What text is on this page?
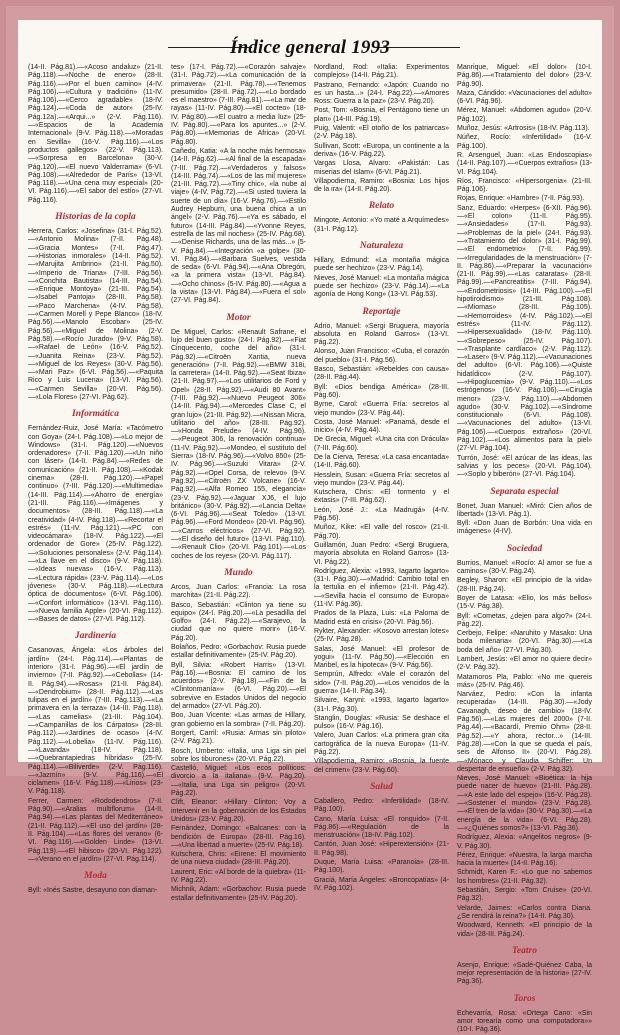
Índice general 1993
(14-II. Pág.81).—«Acoso andaluz» (21-II. Pág.118).—«Noche de enero» (28-II. Pág.116).—«Por el buen camino» (4-IV. Pág.106).—«Cultura y tradición» (11-IV. Pág.106).—«Cerco agradable» (18-IV. Pág.124).—«Coda de autor» (25-IV. Pág.12a).—«Arqui...» (2-V. Pág.116).—«Espacios de la Academia Internacional» (9-V. Pág.118).—«Moradas en Sevilla» (16-V. Pág.116).—«Los productos gallegos» (22-V. Pág.113).—«Sorpresa en Barcelona» (30-V. Pág.120).—«El nuevo Valderrama» (6-VI. Pág.108).—«Alrededor de París» (13-VI. Pág.118).—«Una cena muy especial» (20-VI. Pág.116).—«El sabor del estío» (27-VI. Pág.116).
Historias de la copla
Herrera, Carlos: «Josefina» (31-I. Pág.52).—«Antonio Molina» (7-II. Pág.48).—«Gracia Montes» (7-II. Pág.47).—«Historias inmorales» (14-II. Pág.52).—«Marujita Ambrino» (21-II. Pág.50).—«Imperio de Triana» (7-III. Pág.56).—«Conchita Bautista» (14-III. Pág.54).—«Enrique Montoya» (21-III. Pág.54).—«Isabel Pantoja» (28-III. Pág.58).—«Paco Marchena» (4-IV. Pág.58).—«Carmen Morell y Pepe Blanco» (18-IV. Pág.56).—«Manolo Escobar» (25-IV. Pág.56).—«Miguel de Molina» (2-V. Pág.58).—«Rocío Jurado» (9-V. Pág.58).—«Rafael de León» (16-V. Pág.52).—«Juanita Reina» (23-V. Pág.52).—«Miguel de los Reyes» (30-V. Pág.56).—«Mari Paz» (6-VI. Pág.56).—«Paquita Rico y Luis Lucena» (13-VI. Pág.56).—«Carmen Sevilla» (20-VI. Pág.56).—«Lola Flores» (27-VI. Pág.62).
Informática
Fernández-Ruiz, José María: «Tacómetro con Goya» (24-I. Pág.108).—«Lo mejor de Windows» (31-I. Pág.120).—«Nuevos ordenadores» (7-II. Pág.120).—«Un niño con láser» (14-II. Pág.84).—«Redes de comunicación» (21-II. Pág.108).—«Kodak cinema» (28-II. Pág.120).—«Papel continuo» (7-III. Pág.120).—«Multimedia» (14-III. Pág.114).—«Ahorro de energía» (21-III. Pág.116).—«Imágenes y documentos» (28-III. Pág.118).—«La creatividad» (4-IV. Pág.118).—«Recortar el estrés» (11-IV. Pág.121).—«PC con videocámara» (18-IV. Pág.122).—«El ordenador de Gore» (25-IV. Pág.122).—«Soluciones personales» (2-V. Pág.114).—«La llave en el disco» (9-V. Pág.118).—«Ideas nuevas» (16-V. Pág.113).—«Lectura rápida» (23-V. Pág.114).—«Los jóvenes» (30-V. Pág.118).—«Lectura óptica de documentos» (6-VI. Pág.106).—«Confort informático» (13-VI. Pág.116).—«Nueva familia Apple» (20-VI. Pág.112).—«Bases de datos» (27-VI. Pág.112).
Jardinería
Casanovas, Ángela: «Los árboles del jardín» (24-I. Pág.114).—«Plantas de interior» (31-I. Pág.96).—«El jardín de invierno» (7-II. Pág.92).—«Cebollas» (14-II. Pág.94).—«Rosas» (21-II. Pág.84).—«Dendrobium» (28-II. Pág.112).—«Las tulipas en el jardín» (7-III. Pág.113).—«La primavera en la terraza» (14-III. Pág.118).—«Las camelias» (21-III. Pág.104).—«Campanillas de los Cárpatos» (28-III. Pág.112).—«Jardines de ocaso» (4-IV. Pág.112).—«Lobelia» (11-IV. Pág.116).—«Lavanda» (18-IV. Pág.118).—«Quebrantapiedras híbridas» (25-IV. Pág.114).—«Biliverde» (2-V. Pág.116).—«Jazmín» (9-V. Pág.116).—«El ciclamen» (16-V. Pág.118).—«Lirios» (23-V. Pág.118).
Ferrer, Carmen: «Rododendros» (7-II. Pág.90).—«Aralias multiflorum» (14-II. Pág.94).—«Las plantas del Mediterráneo» (21-II. Pág.112).—«El uso del jardín» (28-II. Pág.104).—«Las flores del verano» (6-VI. Pág.116).—«Golden Linde» (13-VI. Pág.119).—«El hibisco» (20-VI. Pág.122).—«Verano en el jardín» (27-VI. Pág.114).
Moda
Byll: «Inés Sastre, desayuno con diaman-
tes» (17-I. Pág.72).—«Corazón salvaje» (31-I. Pág.72).—«La comunicación de la primavera» (21-II. Pág.78).—«Tenemos presumido» (28-II. Pág.72).—«Lo bordado es el maestro» (7-III. Pág.81).—«La mar de rayas» (11-IV. Pág.80).—«El cocteo» (18-IV. Pág.80).—«El cuatro a media luz» (25-IV. Pág.80).—«Para los apuntes...» (2-V. Pág.80).—«Memorias de Africa» (20-VI. Pág.80).
Cañedo, Katia: «A la noche más hermosa» (14-II. Pág.62).—«Al final de la escapada» (7-III. Pág.72).—«Verdaderos y falsos» (14-III. Pág.74).—«Los de las mil mujeres» (21-III. Pág.72).—«Tiny chic», «la nube al viaje» (4-IV. Pág.72).—«Si usted tuviera la suerte de un día» (16-V. Pág.76).—«Estilo Audrey Hepburn, una buena chica a un ángel» (2-V. Pág.76).—«Ya es sábado, el futuro» (14-III. Pág.84).—«Yvonne Reyes, estrella de las mil noches» (25-IV. Pág.68).—«Denise Richards, una de las más...» (5-V. Pág.84).—«Integración «a golpe» (30-VI. Pág.84).—«Barbara Suelves, vestida de seda» (6-VI. Pág.94).—«Ana Obregón, «a la primera vista» (13-VI. Pág.84).—«Ocho chinos» (5-IV. Pág.80).—«Agua a la vista» (13-VI. Pág.84).—«Fuera el sol» (27-VI. Pág.84).
Motor
De Miguel, Carlos: «Renault Safrane, el lujo del buen gusto» (24-I. Pág.92).—«Fiat Cinquecento, coche del año» (31-I. Pág.92).—«Citroën Xantia, nueva generación» (7-II. Pág.92).—«BMW 318i, la carretera» (14-II. Pág.92).—«Seat Ibiza» (21-II. Pág.97).—«Los utilitarios de Ford y Opel» (28-II. Pág.92).—«Audi 80 Avant» (7-III. Pág.92).—«Nuevo Peugeot 306» (14-III. Pág.94).—«Mercedes Clase C, el gran lujo» (21-III. Pág.92).—«Nissan Micra, utilitario del año» (28-III. Pág.92).—«Honda Prelude» (4-IV. Pág.96).—«Peugeot 306, la renovación continua» (11-IV. Pág.92).—«Mondeo, el sustituto del Sierra» (18-IV. Pág.96).—«Volvo 850» (25-IV. Pág.96).—«Suzuki Vitara» (2-V. Pág.92).—«Opel Corsa, de relevo» (9-V. Pág.92).—«Citroën ZX Volcane» (16-V. Pág.92).—«Alfa Romeo 155, elegancia» (23-V. Pág.92).—«Jaguar XJ6, el lujo británico» (30-V. Pág.92).—«Lancia Delta» (6-VI. Pág.96).—«Seat Toledo» (13-VI. Pág.96).—«Ford Mondeo» (20-VI. Pág.96).—«Carros eléctricos» (27-VI. Pág.92).—«El diseño del futuro» (13-VI. Pág.110).—«Renault Clio» (20-VI. Pág.101).—«Los coches de los reyes» (20-VI. Pág.117).
Mundo
Arcos, Juan Carlos: «Francia: La rosa marchita» (21-II. Pág.22).
Basco, Sebastián: «Clinton ya tiene su equipo» (24-I. Pág.20).—«La pesadilla del Golfo» (24-I. Pág.22).—«Sarajevo, la ciudad que no quiere morir» (16-V. Pág.20).
Bolaños, Pedro: «Gorbachov: Rusia puede estallar definitivamente» (25-IV. Pág.20).
Byll, Silvia: «Robert Harris» (13-VI. Pág.16).—«Bosnia: El camino de los acuerdos» (2-V. Pág.18).—«Fin de la «Clintonmanía»» (6-VI. Pág.20).—«El sobrevive en Estados Unidos del negocio del armado» (27-VI. Pág.20).
Boo, Juan Vicente: «Las armas de Hillary, gran gobierno en la sombra» (7-II. Pág.20).
Borgert, Carril: «Rusia: Armas sin piloto» (2-V. Pág.21).
Bosch, Umberto: «Italia, una Liga sin piel sobre los tiburones» (20-VI. Pág.22).
Castelló, Miguel: «Los ecos políticos: divorcio a la italiana» (9-V. Pág.20).—«Italia, una Liga sin peligro» (20-VI. Pág.22).
Clift, Eleanor: «Hillary Clinton: Voy a intervenir en la gobernación de los Estados Unidos» (23-V. Pág.20).
Fernández, Domingo: «Balcanes: con la bendición de Europa» (28-III. Pág.16).—«Una libertad a muerte» (25-IV. Pág.18).
Kutschera, Chris: «Eirene: El movimiento de una nueva ciudad» (28-III. Pág.20).
Laurent, Eric: «Al borde de la quiebra» (11-IV. Pág.22).
Michnik, Adam: «Gorbachov: Rusia puede estallar definitivamente» (25-IV. Pág.20).
Nordland, Rod: «Italia: Experimentos complejos» (14-II. Pág.21).
Pastrano, Fernando: «Japón: Cuando no es un hasta...» (24-I. Pág.22).—«Amores Ross: Guerra a la paz» (23-V. Pág.20).
Post, Tom: «Bosnia, el Pentágono tiene un plan» (14-III. Pág.19).
Puig, Valenti: «El otoño de los patriarcas» (2-V. Pág.18).
Sullivan, Scott: «Europa, un continente a la deriva» (16-V. Pág.22).
Vargas Llosa, Alvaro: «Pakistán: Las miserias del Islam» (6-VI. Pág.21).
Villapodierna, Ramiro: «Bosnia: Los hijos de la ira» (14-II. Pág.20).
Relato
Mingote, Antonio: «Yo maté a Arquímedes» (31-I. Pág.12).
Naturaleza
Hillary, Edmund: «La montaña mágica puede ser hechizo» (23-V. Pág.14).
Nieves, José Manuel: «La montaña mágica puede ser hechizo» (23-V. Pág.14).—«La agonía de Hong Kong» (13-VI. Pág.53).
Reportaje
Adrio, Manuel: «Sergi Bruguera, mayoría absoluta en Roland Garros» (13-VI. Pág.22).
Alonso, Juan Francisco: «Cuba, el corazón del pueblo» (31-I. Pág.56).
Basco, Sebastián: «Rebeldes con causa» (28-II. Pág.44).
Byll: «Dios bendiga América» (28-III. Pág.60).
Byrne, Carol: «Guerra Fría: secretos al viejo mundo» (23-V. Pág.44).
Costa, José Manuel: «Panamá, desde el inicio» (4-IV. Pág.44).
De Grecia, Miguel: «Una cita con Drácula» (7-III. Pág.60).
De la Cierva, Teresa: «La casa encantada» (14-II. Pág.60).
Hesslein, Susan: «Guerra Fría: secretos al viejo mundo» (23-V. Pág.44).
Kutschera, Chris: «El tormento y el éxtasis» (7-III. Pág.62).
León, José J.: «La Madrugá» (4-IV. Pág.56).
Muñoz, Kike: «El valle del rosco» (21-II. Pág.70).
Guillamón, Juan Pedro: «Sergi Bruguera, mayoría absoluta en Roland Garros» (13-VI. Pág.22).
Rodríguez, Alexia: «1993, Iagarto lagarto» (31-I. Pág.30).—«Madrid: Cambio total en la tertulia en el infierno» (21-II. Pág.42).—«Sevilla hacia el consumo de Europa» (11-IV. Pág.36).
Prados de la Plaza, Luis: «La Paloma de Madrid está en crisis» (20-VI. Pág.56).
Rykter, Alexander: «Kosovo arrestan lotes» (25-IV. Pág.28).
Salas, José Manuel: «El profesor de yogui» (11-IV. Pág.50).—«Elección en Maribel, es la hipoteca» (9-V. Pág.56).
Semprún, Alfredo: «Vale el corazón del sido» (7-II. Pág.20).—«Los vencidos de la guerra» (14-II. Pág.34).
Silvaire, Karyni: «1993, Iagarto lagarto» (31-I. Pág.30).
Stanglin, Douglas: «Rusia: Se deshace el pulso» (16-V. Pág.16).
Valero, Juan Carlos: «La primera gran cita cartográfica de la nueva Europa» (11-IV. Pág.22).
Villapodierna, Ramiro: «Bosnia, la fuente del crimen» (23-V. Pág.60).
Salud
Caballero, Pedro: «Infertilidad» (18-IV. Pág.100).
Cano, María Luisa: «El ronquido» (7-II. Pág.86).—«Regulación de la menstruación» (18-IV. Pág.102).
Cantón, Juan José: «Hiperextensión» (21-II. Pág.98).
Duque, María Luisa: «Paranoia» (28-III. Pág.100).
Graciá, María Ángeles: «Broncopatías» (4-IV. Pág.102).
Manrique, Miguel: «El dolor» (10-I. Pág.86).—«Tratamiento del dolor» (23-V. Pág.90).
Maza, Cándido: «Vacunaciones del adulto» (6-VI. Pág.96).
Mérez, Manuel: «Abdomen agudo» (20-V. Pág.102).
Muñoz, Jesús: «Artrosis» (18-IV. Pág.113).
Núñez, Rocío: «Infertilidad» (16-V. Pág.100).
R. Arsenguel, Juan: «Las Endoscopias» (14-II. Pág.107).—«Cuerpos extraños» (13-VI. Pág.104).
Ríos, Francisco: «Hipersorgenia» (21-III. Pág.106).
Rojas, Enrique: «Hambre» (7-II. Pág.93).
Sanz, Eduardo: «Herpes» (6-XII. Pág.96).—«El colon» (11-II. Pág.95).—«Ansiedades» (17-II. Pág.93).—«Problemas de la piel» (24-I. Pág.93).—«Tratamiento del dolor» (31-I. Pág.99).—«El endometrio» (7-II. Pág.99).—«Irregularidades de la menstruación» (7-II. Pág.86).—«Preparar la vacunación» (21-II. Pág.99).—«Las cataratas» (28-II. Pág.99).—«Pancreatitis» (7-III. Pág.94).—«Endometriosis» (14-III. Pág.100).—«El hipotiroidismo» (21-III. Pág.108).—«Miomas» (28-III. Pág.105).—«Hemorroides» (4-IV. Pág.102).—«El estrés» (11-IV. Pág.112).—«Hipersexualidad» (18-IV. Pág.110).—«Sobrepeso» (25-IV. Pág.107).—«Trasplante cardíaco» (2-V. Pág.112).—«Laser» (9-V. Pág.112).—«Vacunaciones del adulto» (6-VI. Pág.106).—«Quiste hidatídico» (2-V. Pág.107).—«Hipoglucemia» (9-V. Pág.110).—«Los estrógenos» (16-V. Pág.106).—«Cirugía menor» (23-V. Pág.110).—«Abdomen agudo» (30-V. Pág.102).—«Síndrome constitucional» (6-VI. Pág.108).—«Vacunaciones del adulto» (13-VI. Pág.106).—«Cuerpos extraños» (20-VI. Pág.102).—«Los alimentos para la piel» (27-VI. Pág.104).
Turrón, José: «El azúcar de las ideas, las salvias y los peces» (20-VI. Pág.104).—«Soplo y biberón» (27-VI. Pág.104).
Separata especial
Bonet, Juan Manuel: «Miró: Cien años de libertad» (13-VI. Pág.1).
Byll: «Don Juan de Borbón: Una vida en imágenes» (4-IV).
Sociedad
Burrios, Manuel: «Rocío: Al amor se fue a caminos» (30-V. Pág.24).
Begley, Sharon: «El principio de la vida» (28-III. Pág.24).
Boyer de Latasa: «Elio, los más bellos» (15-V. Pág.38).
Byll: «Cometas, ¿dejen para algo?» (24-I. Pág.22).
Cerbejo, Felipe: «Naruhito y Masako: Una boda milenaria» (20-VI. Pág.30).—«La boda del año» (27-VI. Pág.30).
Lambert, Jesús: «El amor no quiere decir» (2-V. Pág.32).
Matamoros Pla, Pablo: «No me quereis más» (25-IV. Pág.46).
Narváez, Pedro: «Con la infanta recuperada» (14-III. Pág.30).—«Jody Cavanagh, deseo de cambio» (18-IV. Pág.56).—«Las mujeres del 2000» (7-II. Pág.44).—«Bacardí, Premio Ohm» (28-II. Pág.52).—«Y ahora, rector...» (14-III. Pág.28).—«Con la que se queda el país, seis de Alfonso II» (20-VI. Pág.28).—«Mónaco y Claudia Schiffer: Un despertar de ensueño» (2-V. Pág.32).
Nieves, José Manuel: «Bioética: la hija puede nacer de huevo» (21-III. Pág.28).—«A este lado del espejo» (16-V. Pág.28).—«Sostener el mundo» (23-V. Pág.28).—«El tren de la vida» (30-V. Pág.30).—«La energía de la vida» (6-VI. Pág.28).—«¿Quiénes somos?» (13-VI. Pág.36).
Rodríguez, Alexia: «Angelitos negros» (9-V. Pág.30).
Pérez, Enrique: «Nuestra, la larga marcha hacia la muerte» (14-II. Pág.16).
Schmidt, Karen F.: «Lo que no sabemos los hombres» (21-II. Pág.32).
Sebastián, Sergio: «Tom Cruise» (20-VI. Pág.32).
Velarde, Jaimes: «Carlos contra Diana. ¿Se rendirá la reina?» (14-II. Pág.30).
Woodward, Kenneth: «El principio de la vida» (28-III. Pág.24).
Teatro
Asenjo, Enrique: «Sadé-Quiénez Caba, la mejor representación de la historia» (27-IV. Pág.36).
Toros
Echevarría, Rosa: «Ortega Cano: «Sin amor torearía como una computadora»» (10-I. Pág.36).
